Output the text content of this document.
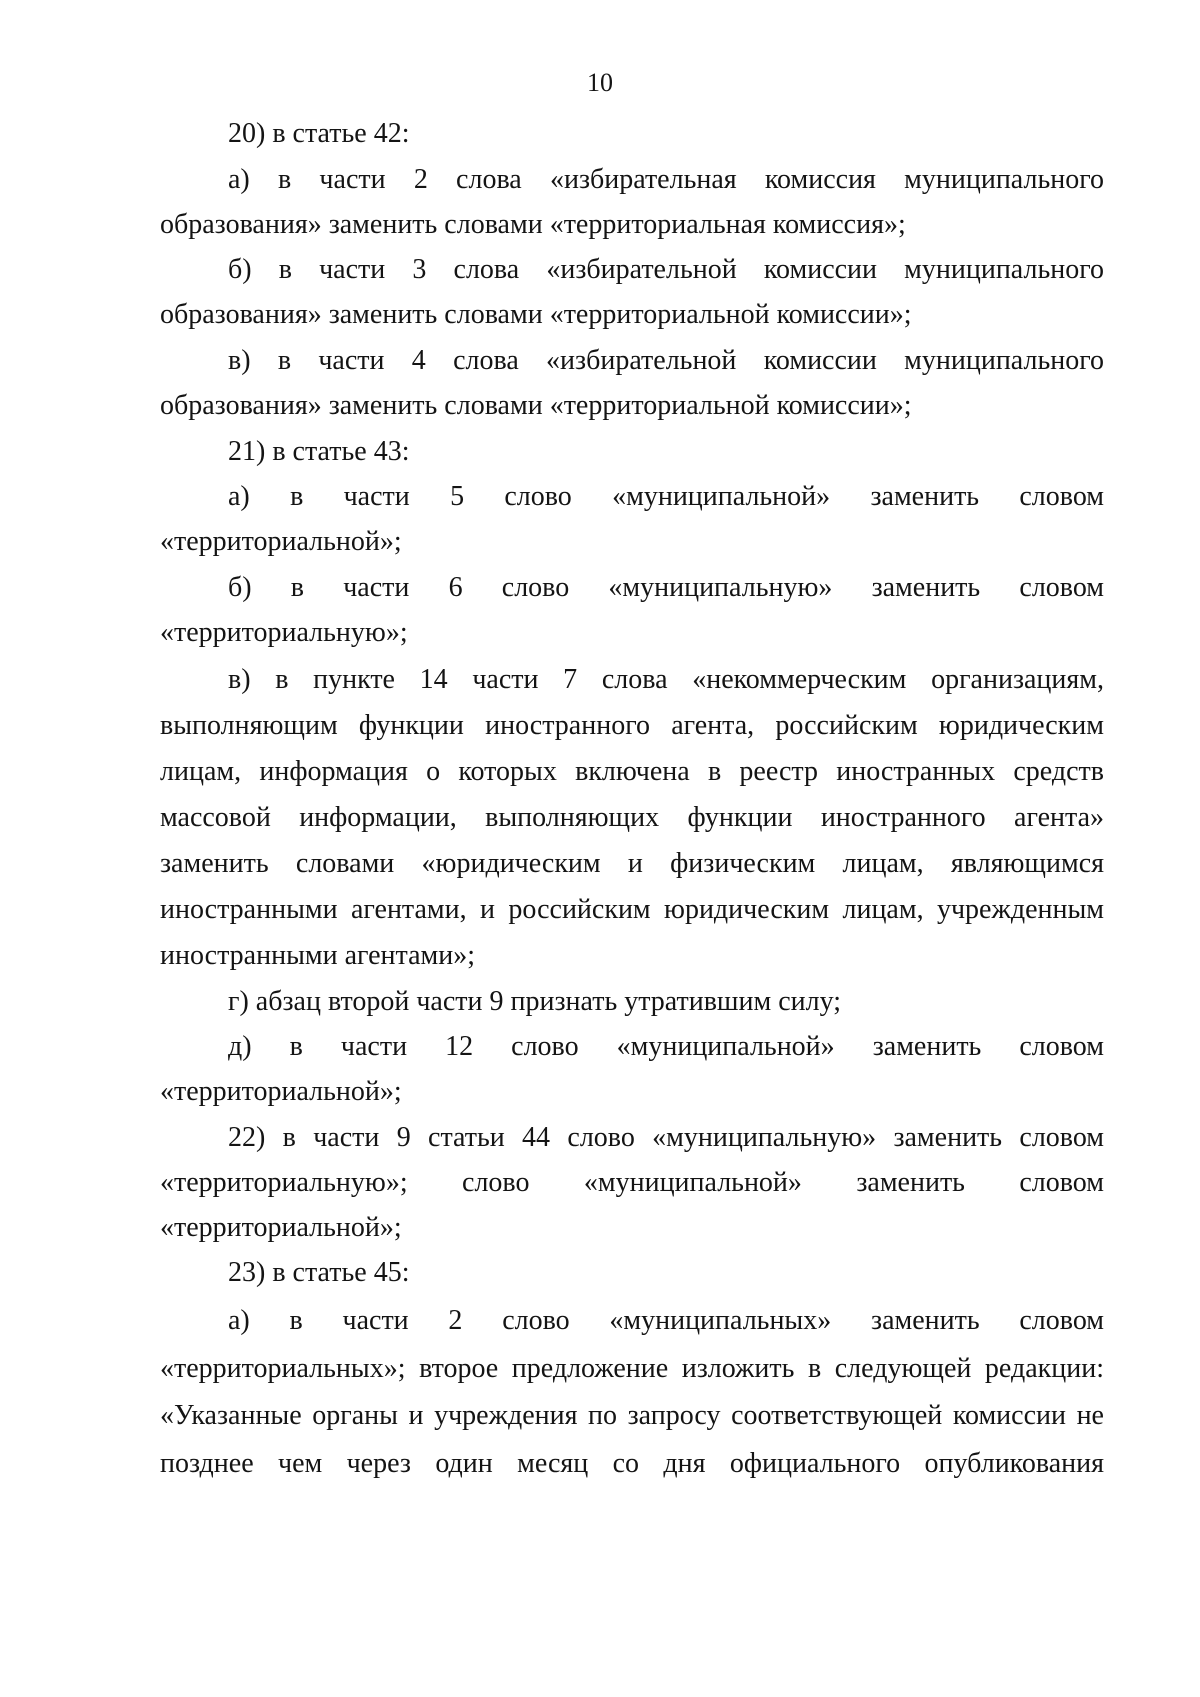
10

20) в статье 42:

а) в части 2 слова «избирательная комиссия муниципального образования» заменить словами «территориальная комиссия»;

б) в части 3 слова «избирательной комиссии муниципального образования» заменить словами «территориальной комиссии»;

в) в части 4 слова «избирательной комиссии муниципального образования» заменить словами «территориальной комиссии»;

21) в статье 43:

а) в части 5 слово «муниципальной» заменить словом «территориальной»;

б) в части 6 слово «муниципальную» заменить словом «территориальную»;

в) в пункте 14 части 7 слова «некоммерческим организациям, выполняющим функции иностранного агента, российским юридическим лицам, информация о которых включена в реестр иностранных средств массовой информации, выполняющих функции иностранного агента» заменить словами «юридическим и физическим лицам, являющимся иностранными агентами, и российским юридическим лицам, учрежденным иностранными агентами»;

г) абзац второй части 9 признать утратившим силу;

д) в части 12 слово «муниципальной» заменить словом «территориальной»;

22) в части 9 статьи 44 слово «муниципальную» заменить словом «территориальную»; слово «муниципальной» заменить словом «территориальной»;

23) в статье 45:

а) в части 2 слово «муниципальных» заменить словом «территориальных»; второе предложение изложить в следующей редакции: «Указанные органы и учреждения по запросу соответствующей комиссии не позднее чем через один месяц со дня официального опубликования
